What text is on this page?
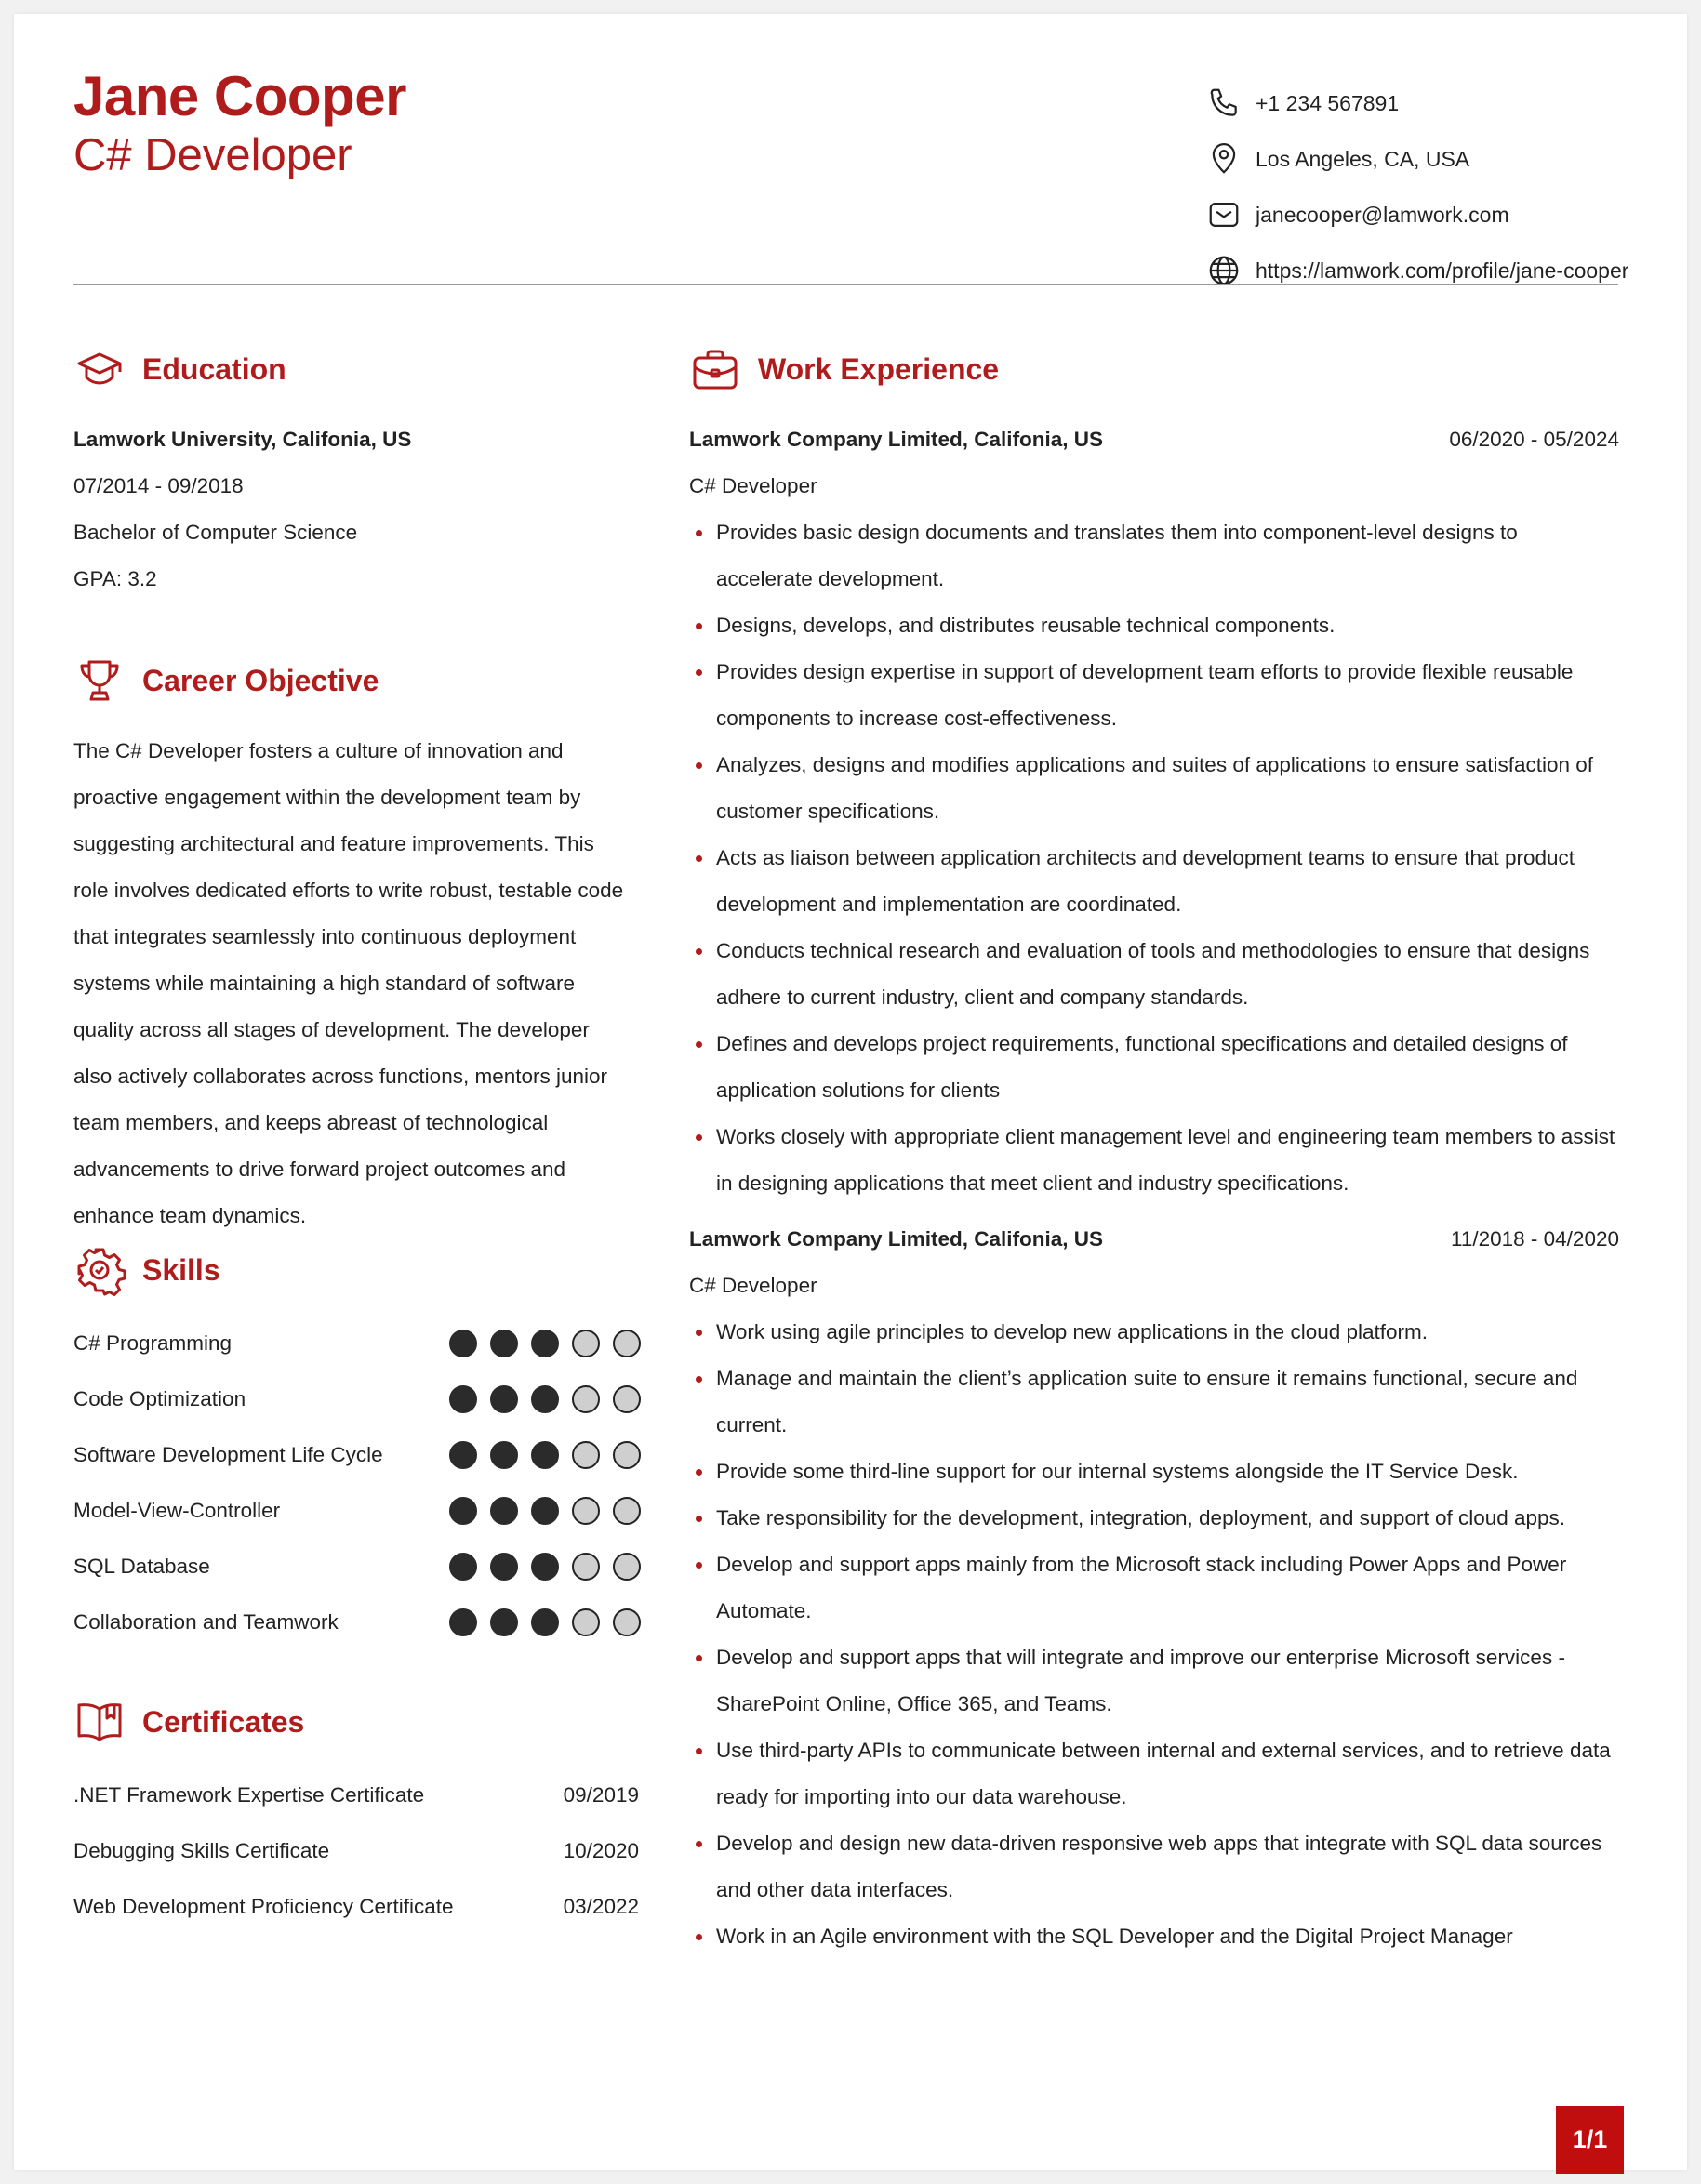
Jane Cooper
C# Developer
+1 234 567891
Los Angeles, CA, USA
janecooper@lamwork.com
https://lamwork.com/profile/jane-cooper
Education
Lamwork University, Califonia, US
07/2014 - 09/2018
Bachelor of Computer Science
GPA: 3.2
Career Objective
The C# Developer fosters a culture of innovation and proactive engagement within the development team by suggesting architectural and feature improvements. This role involves dedicated efforts to write robust, testable code that integrates seamlessly into continuous deployment systems while maintaining a high standard of software quality across all stages of development. The developer also actively collaborates across functions, mentors junior team members, and keeps abreast of technological advancements to drive forward project outcomes and enhance team dynamics.
Skills
C# Programming
Code Optimization
Software Development Life Cycle
Model-View-Controller
SQL Database
Collaboration and Teamwork
Certificates
.NET Framework Expertise Certificate	09/2019
Debugging Skills Certificate	10/2020
Web Development Proficiency Certificate	03/2022
Work Experience
Lamwork Company Limited, Califonia, US	06/2020 - 05/2024
C# Developer
Provides basic design documents and translates them into component-level designs to accelerate development.
Designs, develops, and distributes reusable technical components.
Provides design expertise in support of development team efforts to provide flexible reusable components to increase cost-effectiveness.
Analyzes, designs and modifies applications and suites of applications to ensure satisfaction of customer specifications.
Acts as liaison between application architects and development teams to ensure that product development and implementation are coordinated.
Conducts technical research and evaluation of tools and methodologies to ensure that designs adhere to current industry, client and company standards.
Defines and develops project requirements, functional specifications and detailed designs of application solutions for clients
Works closely with appropriate client management level and engineering team members to assist in designing applications that meet client and industry specifications.
Lamwork Company Limited, Califonia, US	11/2018 - 04/2020
C# Developer
Work using agile principles to develop new applications in the cloud platform.
Manage and maintain the client’s application suite to ensure it remains functional, secure and current.
Provide some third-line support for our internal systems alongside the IT Service Desk.
Take responsibility for the development, integration, deployment, and support of cloud apps.
Develop and support apps mainly from the Microsoft stack including Power Apps and Power Automate.
Develop and support apps that will integrate and improve our enterprise Microsoft services - SharePoint Online, Office 365, and Teams.
Use third-party APIs to communicate between internal and external services, and to retrieve data ready for importing into our data warehouse.
Develop and design new data-driven responsive web apps that integrate with SQL data sources and other data interfaces.
Work in an Agile environment with the SQL Developer and the Digital Project Manager
1/1
